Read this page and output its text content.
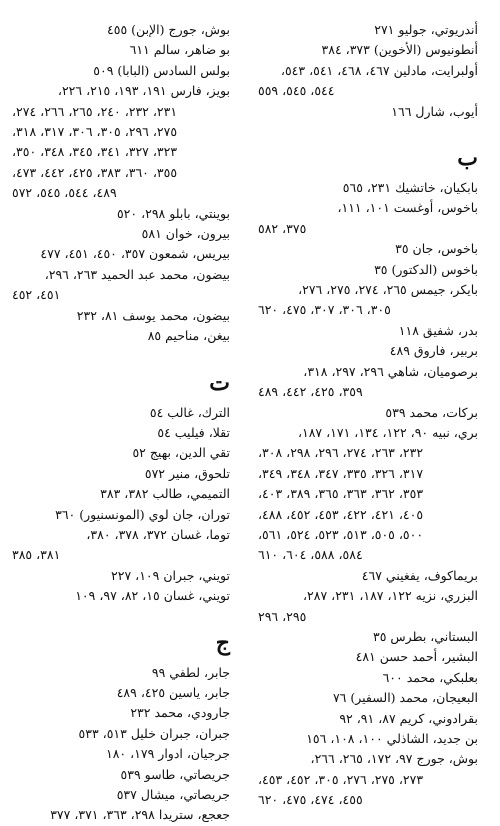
أندريوتي، جوليو ٢٧١
أنطونيوس (الأخوين) ٣٧٣، ٣٨٤
أولبرايت، مادلين ٤٦٧، ٤٦٨، ٥٤١، ٥٤٣،
٥٤٤، ٥٤٥، ٥٥٩
أيوب، شارل ١٦٦
ب
بابكيان، خاتشيك ٢٣١، ٥٦٥
باخوس، أوغست ١٠١، ١١١،
٣٧٥، ٥٨٢
باخوس، جان ٣٥
باخوس (الدكتور) ٣٥
بايكر، جيمس ٢٦٥، ٢٧٤، ٢٧٥، ٢٧٦،
٣٠٥، ٣٠٦، ٣٠٧، ٤٧٥، ٦٢٠
بدر، شفيق ١١٨
بربير، فاروق ٤٨٩
برصوميان، شاهي ٢٩٦، ٢٩٧، ٣١٨،
٣٥٩، ٤٢٥، ٤٤٢، ٤٨٩
بركات، محمد ٥٣٩
بري، نبيه ٩٠، ١٢٢، ١٣٤، ١٧١، ١٨٧،
٢٣٢، ٢٦٣، ٢٧٤، ٢٩٦، ٢٩٨، ٣٠٨،
٣١٧، ٣٢٦، ٣٣٥، ٣٤٧، ٣٤٨، ٣٤٩،
٣٥٣، ٣٦٢، ٣٦٣، ٣٦٥، ٣٨٩، ٤٠٣،
٤٠٥، ٤٢١، ٤٢٢، ٤٥٣، ٤٥٢، ٤٨٨،
٥٠٠، ٥٠٥، ٥١٣، ٥٢٣، ٥٢٤، ٥٦١،
٥٨٤، ٥٨٨، ٦٠٤، ٦١٠
بريماكوف، يفغيني ٤٦٧
البزري، نزيه ١٢٢، ١٨٧، ٢٣١، ٢٨٧،
٢٩٥، ٢٩٦
البستاني، بطرس ٣٥
البشير، أحمد حسن ٤٨١
بعلبكي، محمد ٦٠٠
البعيجان، محمد (السفير) ٧٦
بقرادوني، كريم ٨٧، ٩١، ٩٢
بن جديد، الشاذلي ١٠٠، ١٠٨، ١٥٦
بوش، جورج ٩٧، ١٧٢، ٢٦٥، ٢٦٦،
٢٧٣، ٢٧٥، ٢٧٦، ٣٠٥، ٤٥٢، ٤٥٣،
٤٥٥، ٤٧٤، ٤٧٥، ٦٢٠
بوش، جورج (الإبن) ٤٥٥
بو ضاهر، سالم ٦١١
بولس السادس (البابا) ٥٠٩
بويز، فارس ١٩١، ١٩٣، ٢١٥، ٢٢٦،
٢٣١، ٢٣٢، ٢٤٠، ٢٦٥، ٢٦٦، ٢٧٤،
٢٧٥، ٢٩٦، ٣٠٥، ٣٠٦، ٣١٧، ٣١٨،
٣٢٣، ٣٢٧، ٣٤١، ٣٤٥، ٣٤٨، ٣٥٠،
٣٥٥، ٣٦٠، ٣٨٣، ٤٢٥، ٤٤٢، ٤٧٣،
٤٨٩، ٥٤٤، ٥٤٥، ٥٧٢
بوينتي، بابلو ٢٩٨، ٥٢٠
بيرون، خوان ٥٨١
بيريس، شمعون ٣٥٧، ٤٥٠، ٤٥١، ٤٧٧
بيضون، محمد عبد الحميد ٢٦٣، ٢٩٦،
٤٥١، ٤٥٢
بيضون، محمد يوسف ٨١، ٢٣٢
بيغن، مناحيم ٨٥
ت
الترك، غالب ٥٤
تقلا، فيليب ٥٤
تقي الدين، بهيج ٥٢
تلحوق، منير ٥٧٢
التميمي، طالب ٣٨٢، ٣٨٣
توران، جان لوي (المونسنيور) ٣٦٠
توما، غسان ٣٧٢، ٣٧٨، ٣٨٠،
٣٨١، ٣٨٥
تويني، جبران ١٠٩، ٢٢٧
تويني، غسان ١٥، ٨٢، ٩٧، ١٠٩
ج
جابر، لطفي ٩٩
جابر، ياسين ٤٢٥، ٤٨٩
جارودي، محمد ٢٣٢
جبران، جبران خليل ٥١٣، ٥٣٣
جرجيان، ادوار ١٧٩، ١٨٠
جريصاتي، طاسو ٥٣٩
جريصاتي، ميشال ٥٣٧
جعجع، ستريدا ٢٩٨، ٣٦٣، ٣٧١، ٣٧٧
